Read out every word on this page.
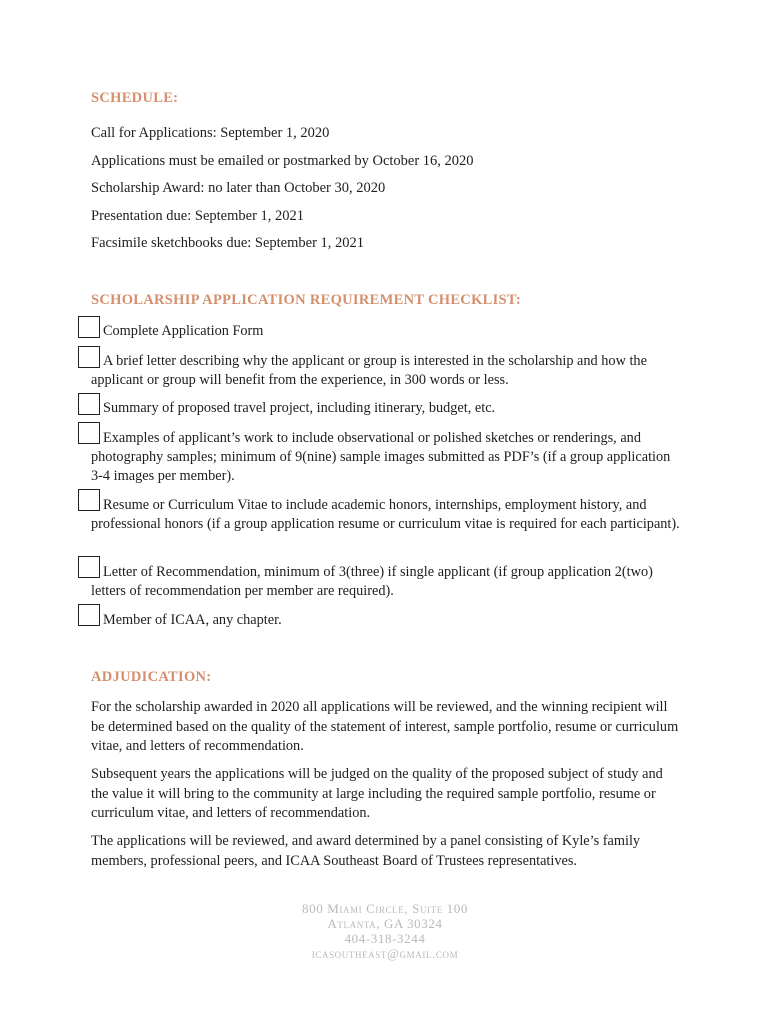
SCHEDULE:

Call for Applications: September 1, 2020

Applications must be emailed or postmarked by October 16, 2020

Scholarship Award: no later than October 30, 2020

Presentation due: September 1, 2021

Facsimile sketchbooks due: September 1, 2021

SCHOLARSHIP APPLICATION REQUIREMENT CHECKLIST:

Complete Application Form

A brief letter describing why the applicant or group is interested in the scholarship and how the applicant or group will benefit from the experience, in 300 words or less.

Summary of proposed travel project, including itinerary, budget, etc.

Examples of applicant’s work to include observational or polished sketches or renderings, and photography samples; minimum of 9(nine) sample images submitted as PDF’s (if a group application 3-4 images per member).

Resume or Curriculum Vitae to include academic honors, internships, employment history, and professional honors (if a group application resume or curriculum vitae is required for each participant).

Letter of Recommendation, minimum of 3(three) if single applicant (if group application 2(two) letters of recommendation per member are required).

Member of ICAA, any chapter.

ADJUDICATION:

For the scholarship awarded in 2020 all applications will be reviewed, and the winning recipient will be determined based on the quality of the statement of interest, sample portfolio, resume or curriculum vitae, and letters of recommendation.

Subsequent years the applications will be judged on the quality of the proposed subject of study and the value it will bring to the community at large including the required sample portfolio, resume or curriculum vitae, and letters of recommendation.

The applications will be reviewed, and award determined by a panel consisting of Kyle’s family members, professional peers, and ICAA Southeast Board of Trustees representatives.

800 Miami Circle, Suite 100
Atlanta, GA 30324
404-318-3244
icasoutheast@gmail.com
